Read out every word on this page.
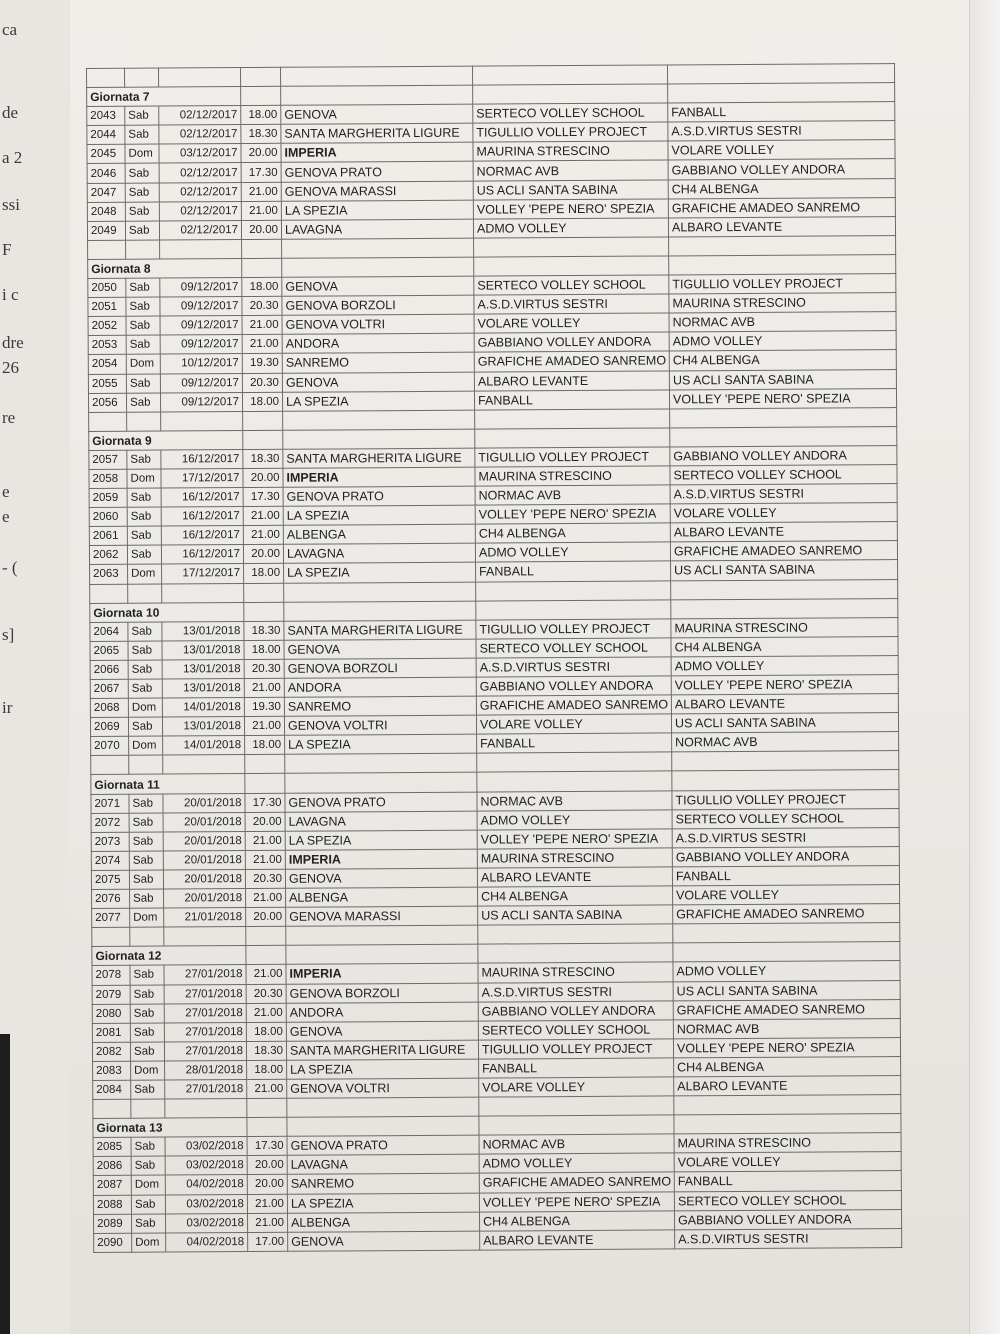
ca
de
a 2
ssi
F
i c
dre
26
re
e
e
- (
s]
ir

Giornata 7						
2043	Sab	02/12/2017	18.00	GENOVA	SERTECO VOLLEY SCHOOL	FANBALL
2044	Sab	02/12/2017	18.30	SANTA MARGHERITA LIGURE	TIGULLIO VOLLEY PROJECT	A.S.D.VIRTUS SESTRI
2045	Dom	03/12/2017	20.00	IMPERIA	MAURINA STRESCINO	VOLARE VOLLEY
2046	Sab	02/12/2017	17.30	GENOVA PRATO	NORMAC AVB	GABBIANO VOLLEY ANDORA
2047	Sab	02/12/2017	21.00	GENOVA MARASSI	US ACLI SANTA SABINA	CH4 ALBENGA
2048	Sab	02/12/2017	21.00	LA SPEZIA	VOLLEY 'PEPE NERO' SPEZIA	GRAFICHE AMADEO SANREMO
2049	Sab	02/12/2017	20.00	LAVAGNA	ADMO VOLLEY	ALBARO LEVANTE

Giornata 8						
2050	Sab	09/12/2017	18.00	GENOVA	SERTECO VOLLEY SCHOOL	TIGULLIO VOLLEY PROJECT
2051	Sab	09/12/2017	20.30	GENOVA BORZOLI	A.S.D.VIRTUS SESTRI	MAURINA STRESCINO
2052	Sab	09/12/2017	21.00	GENOVA VOLTRI	VOLARE VOLLEY	NORMAC AVB
2053	Sab	09/12/2017	21.00	ANDORA	GABBIANO VOLLEY ANDORA	ADMO VOLLEY
2054	Dom	10/12/2017	19.30	SANREMO	GRAFICHE AMADEO SANREMO	CH4 ALBENGA
2055	Sab	09/12/2017	20.30	GENOVA	ALBARO LEVANTE	US ACLI SANTA SABINA
2056	Sab	09/12/2017	18.00	LA SPEZIA	FANBALL	VOLLEY 'PEPE NERO' SPEZIA

Giornata 9						
2057	Sab	16/12/2017	18.30	SANTA MARGHERITA LIGURE	TIGULLIO VOLLEY PROJECT	GABBIANO VOLLEY ANDORA
2058	Dom	17/12/2017	20.00	IMPERIA	MAURINA STRESCINO	SERTECO VOLLEY SCHOOL
2059	Sab	16/12/2017	17.30	GENOVA PRATO	NORMAC AVB	A.S.D.VIRTUS SESTRI
2060	Sab	16/12/2017	21.00	LA SPEZIA	VOLLEY 'PEPE NERO' SPEZIA	VOLARE VOLLEY
2061	Sab	16/12/2017	21.00	ALBENGA	CH4 ALBENGA	ALBARO LEVANTE
2062	Sab	16/12/2017	20.00	LAVAGNA	ADMO VOLLEY	GRAFICHE AMADEO SANREMO
2063	Dom	17/12/2017	18.00	LA SPEZIA	FANBALL	US ACLI SANTA SABINA

Giornata 10						
2064	Sab	13/01/2018	18.30	SANTA MARGHERITA LIGURE	TIGULLIO VOLLEY PROJECT	MAURINA STRESCINO
2065	Sab	13/01/2018	18.00	GENOVA	SERTECO VOLLEY SCHOOL	CH4 ALBENGA
2066	Sab	13/01/2018	20.30	GENOVA BORZOLI	A.S.D.VIRTUS SESTRI	ADMO VOLLEY
2067	Sab	13/01/2018	21.00	ANDORA	GABBIANO VOLLEY ANDORA	VOLLEY 'PEPE NERO' SPEZIA
2068	Dom	14/01/2018	19.30	SANREMO	GRAFICHE AMADEO SANREMO	ALBARO LEVANTE
2069	Sab	13/01/2018	21.00	GENOVA VOLTRI	VOLARE VOLLEY	US ACLI SANTA SABINA
2070	Dom	14/01/2018	18.00	LA SPEZIA	FANBALL	NORMAC AVB

Giornata 11						
2071	Sab	20/01/2018	17.30	GENOVA PRATO	NORMAC AVB	TIGULLIO VOLLEY PROJECT
2072	Sab	20/01/2018	20.00	LAVAGNA	ADMO VOLLEY	SERTECO VOLLEY SCHOOL
2073	Sab	20/01/2018	21.00	LA SPEZIA	VOLLEY 'PEPE NERO' SPEZIA	A.S.D.VIRTUS SESTRI
2074	Sab	20/01/2018	21.00	IMPERIA	MAURINA STRESCINO	GABBIANO VOLLEY ANDORA
2075	Sab	20/01/2018	20.30	GENOVA	ALBARO LEVANTE	FANBALL
2076	Sab	20/01/2018	21.00	ALBENGA	CH4 ALBENGA	VOLARE VOLLEY
2077	Dom	21/01/2018	20.00	GENOVA MARASSI	US ACLI SANTA SABINA	GRAFICHE AMADEO SANREMO

Giornata 12						
2078	Sab	27/01/2018	21.00	IMPERIA	MAURINA STRESCINO	ADMO VOLLEY
2079	Sab	27/01/2018	20.30	GENOVA BORZOLI	A.S.D.VIRTUS SESTRI	US ACLI SANTA SABINA
2080	Sab	27/01/2018	21.00	ANDORA	GABBIANO VOLLEY ANDORA	GRAFICHE AMADEO SANREMO
2081	Sab	27/01/2018	18.00	GENOVA	SERTECO VOLLEY SCHOOL	NORMAC AVB
2082	Sab	27/01/2018	18.30	SANTA MARGHERITA LIGURE	TIGULLIO VOLLEY PROJECT	VOLLEY 'PEPE NERO' SPEZIA
2083	Dom	28/01/2018	18.00	LA SPEZIA	FANBALL	CH4 ALBENGA
2084	Sab	27/01/2018	21.00	GENOVA VOLTRI	VOLARE VOLLEY	ALBARO LEVANTE

Giornata 13						
2085	Sab	03/02/2018	17.30	GENOVA PRATO	NORMAC AVB	MAURINA STRESCINO
2086	Sab	03/02/2018	20.00	LAVAGNA	ADMO VOLLEY	VOLARE VOLLEY
2087	Dom	04/02/2018	20.00	SANREMO	GRAFICHE AMADEO SANREMO	FANBALL
2088	Sab	03/02/2018	21.00	LA SPEZIA	VOLLEY 'PEPE NERO' SPEZIA	SERTECO VOLLEY SCHOOL
2089	Sab	03/02/2018	21.00	ALBENGA	CH4 ALBENGA	GABBIANO VOLLEY ANDORA
2090	Dom	04/02/2018	17.00	GENOVA	ALBARO LEVANTE	A.S.D.VIRTUS SESTRI
